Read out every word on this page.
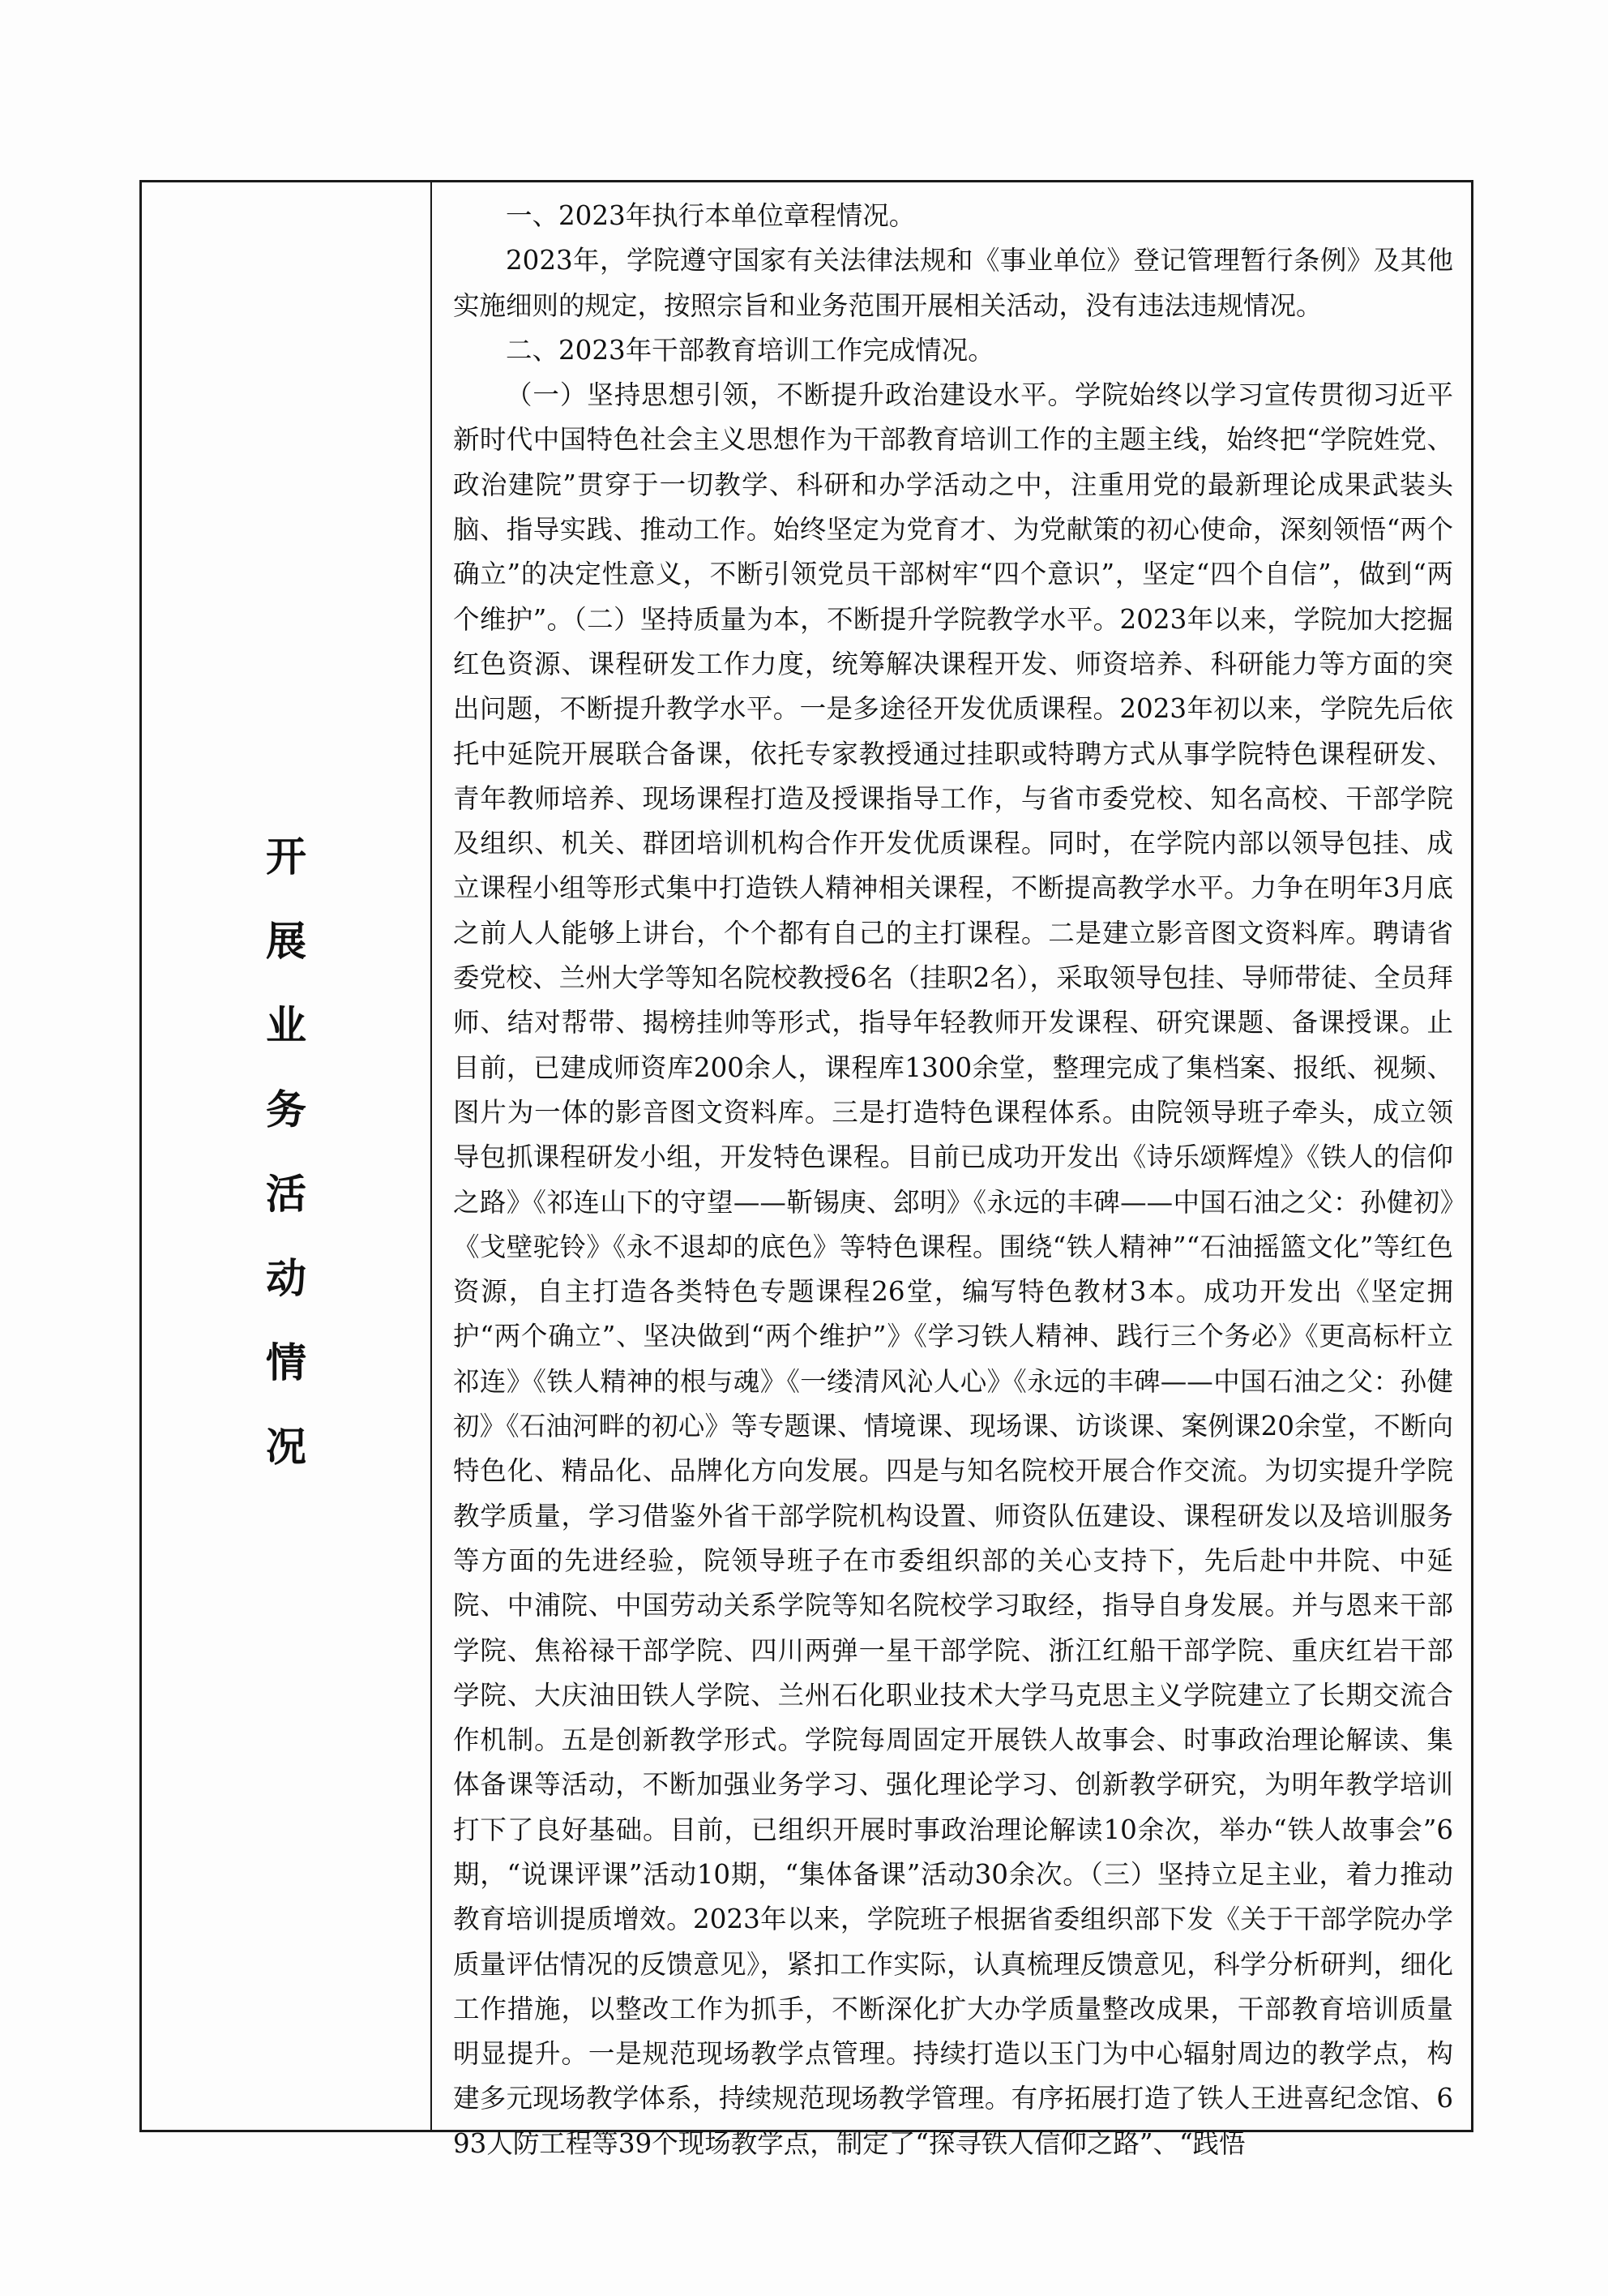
开
展
业
务
活
动
情
况

一、2023年执行本单位章程情况。

2023年，学院遵守国家有关法律法规和《事业单位》登记管理暂行条例》及其他实施细则的规定，按照宗旨和业务范围开展相关活动，没有违法违规情况。

二、2023年干部教育培训工作完成情况。

（一）坚持思想引领，不断提升政治建设水平。学院始终以学习宣传贯彻习近平新时代中国特色社会主义思想作为干部教育培训工作的主题主线，始终把“学院姓党、政治建院”贯穿于一切教学、科研和办学活动之中，注重用党的最新理论成果武装头脑、指导实践、推动工作。始终坚定为党育才、为党献策的初心使命，深刻领悟“两个确立”的决定性意义，不断引领党员干部树牢“四个意识”，坚定“四个自信”，做到“两个维护”。（二）坚持质量为本，不断提升学院教学水平。2023年以来，学院加大挖掘红色资源、课程研发工作力度，统筹解决课程开发、师资培养、科研能力等方面的突出问题，不断提升教学水平。一是多途径开发优质课程。2023年初以来，学院先后依托中延院开展联合备课，依托专家教授通过挂职或特聘方式从事学院特色课程研发、青年教师培养、现场课程打造及授课指导工作，与省市委党校、知名高校、干部学院及组织、机关、群团培训机构合作开发优质课程。同时，在学院内部以领导包挂、成立课程小组等形式集中打造铁人精神相关课程，不断提高教学水平。力争在明年3月底之前人人能够上讲台，个个都有自己的主打课程。二是建立影音图文资料库。聘请省委党校、兰州大学等知名院校教授6名（挂职2名），采取领导包挂、导师带徒、全员拜师、结对帮带、揭榜挂帅等形式，指导年轻教师开发课程、研究课题、备课授课。止目前，已建成师资库200余人，课程库1300余堂，整理完成了集档案、报纸、视频、图片为一体的影音图文资料库。三是打造特色课程体系。由院领导班子牵头，成立领导包抓课程研发小组，开发特色课程。目前已成功开发出《诗乐颂辉煌》《铁人的信仰之路》《祁连山下的守望——靳锡庚、郐明》《永远的丰碑——中国石油之父：孙健初》《戈壁驼铃》《永不退却的底色》等特色课程。围绕“铁人精神”“石油摇篮文化”等红色资源，自主打造各类特色专题课程26堂，编写特色教材3本。成功开发出《坚定拥护“两个确立”、坚决做到“两个维护”》《学习铁人精神、践行三个务必》《更高标杆立祁连》《铁人精神的根与魂》《一缕清风沁人心》《永远的丰碑——中国石油之父：孙健初》《石油河畔的初心》等专题课、情境课、现场课、访谈课、案例课20余堂，不断向特色化、精品化、品牌化方向发展。四是与知名院校开展合作交流。为切实提升学院教学质量，学习借鉴外省干部学院机构设置、师资队伍建设、课程研发以及培训服务等方面的先进经验，院领导班子在市委组织部的关心支持下，先后赴中井院、中延院、中浦院、中国劳动关系学院等知名院校学习取经，指导自身发展。并与恩来干部学院、焦裕禄干部学院、四川两弹一星干部学院、浙江红船干部学院、重庆红岩干部学院、大庆油田铁人学院、兰州石化职业技术大学马克思主义学院建立了长期交流合作机制。五是创新教学形式。学院每周固定开展铁人故事会、时事政治理论解读、集体备课等活动，不断加强业务学习、强化理论学习、创新教学研究，为明年教学培训打下了良好基础。目前，已组织开展时事政治理论解读10余次，举办“铁人故事会”6期，“说课评课”活动10期，“集体备课”活动30余次。（三）坚持立足主业，着力推动教育培训提质增效。2023年以来，学院班子根据省委组织部下发《关于干部学院办学质量评估情况的反馈意见》，紧扣工作实际，认真梳理反馈意见，科学分析研判，细化工作措施，以整改工作为抓手，不断深化扩大办学质量整改成果，干部教育培训质量明显提升。一是规范现场教学点管理。持续打造以玉门为中心辐射周边的教学点，构建多元现场教学体系，持续规范现场教学管理。有序拓展打造了铁人王进喜纪念馆、693人防工程等39个现场教学点，制定了“探寻铁人信仰之路”、“践悟
